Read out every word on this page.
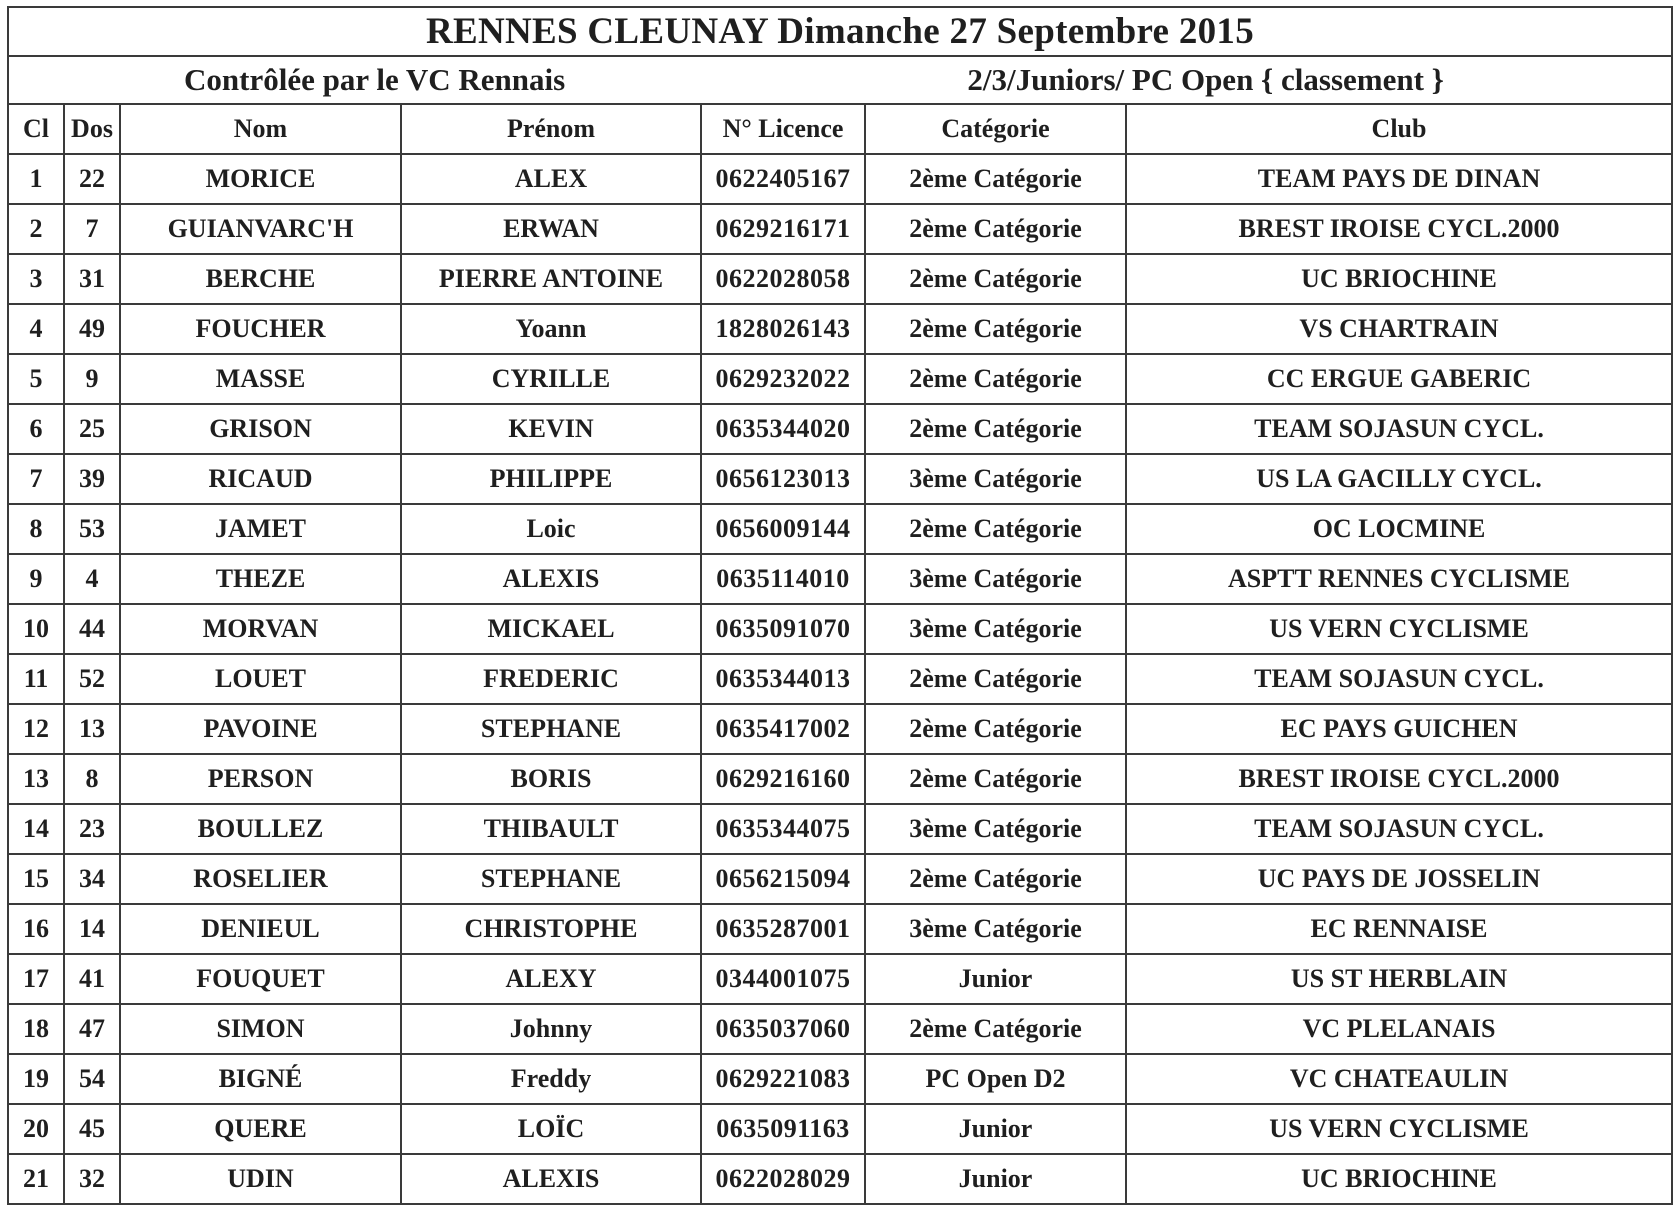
RENNES CLEUNAY Dimanche 27 Septembre 2015						

Contrôlée par le VC Rennais 2/3/Juniors/ PC Open { classement }						

Cl	Dos	Nom	Prénom	N° Licence	Catégorie	Club
1	22	MORICE	ALEX	0622405167	2ème Catégorie	TEAM PAYS DE DINAN
2	7	GUIANVARC'H	ERWAN	0629216171	2ème Catégorie	BREST IROISE CYCL.2000
3	31	BERCHE	PIERRE ANTOINE	0622028058	2ème Catégorie	UC BRIOCHINE
4	49	FOUCHER	Yoann	1828026143	2ème Catégorie	VS CHARTRAIN
5	9	MASSE	CYRILLE	0629232022	2ème Catégorie	CC ERGUE GABERIC
6	25	GRISON	KEVIN	0635344020	2ème Catégorie	TEAM SOJASUN CYCL.
7	39	RICAUD	PHILIPPE	0656123013	3ème Catégorie	US LA GACILLY CYCL.
8	53	JAMET	Loic	0656009144	2ème Catégorie	OC LOCMINE
9	4	THEZE	ALEXIS	0635114010	3ème Catégorie	ASPTT RENNES CYCLISME
10	44	MORVAN	MICKAEL	0635091070	3ème Catégorie	US VERN CYCLISME
11	52	LOUET	FREDERIC	0635344013	2ème Catégorie	TEAM SOJASUN CYCL.
12	13	PAVOINE	STEPHANE	0635417002	2ème Catégorie	EC PAYS GUICHEN
13	8	PERSON	BORIS	0629216160	2ème Catégorie	BREST IROISE CYCL.2000
14	23	BOULLEZ	THIBAULT	0635344075	3ème Catégorie	TEAM SOJASUN CYCL.
15	34	ROSELIER	STEPHANE	0656215094	2ème Catégorie	UC PAYS DE JOSSELIN
16	14	DENIEUL	CHRISTOPHE	0635287001	3ème Catégorie	EC RENNAISE
17	41	FOUQUET	ALEXY	0344001075	Junior	US ST HERBLAIN
18	47	SIMON	Johnny	0635037060	2ème Catégorie	VC PLELANAIS
19	54	BIGNÉ	Freddy	0629221083	PC Open D2	VC CHATEAULIN
20	45	QUERE	LOÏC	0635091163	Junior	US VERN CYCLISME
21	32	UDIN	ALEXIS	0622028029	Junior	UC BRIOCHINE
